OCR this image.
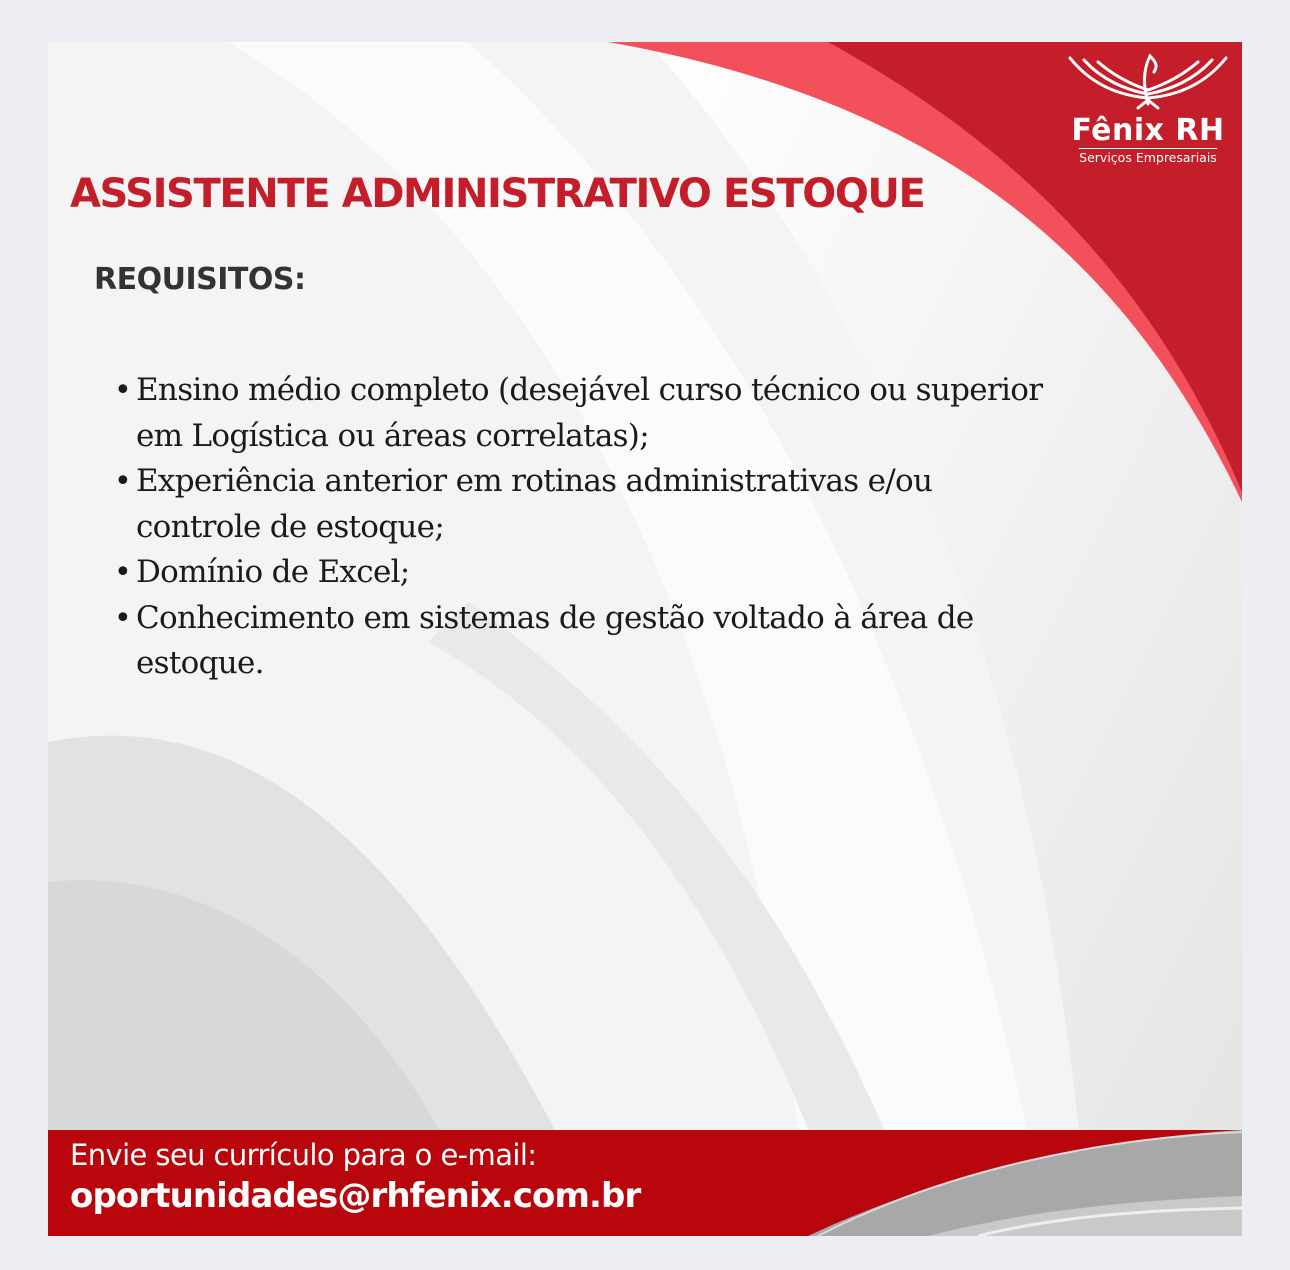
Fênix RH
Serviços Empresariais
ASSISTENTE ADMINISTRATIVO ESTOQUE
REQUISITOS:
• Ensino médio completo (desejável curso técnico ou superior
em Logística ou áreas correlatas);
• Experiência anterior em rotinas administrativas e/ou
controle de estoque;
• Domínio de Excel;
• Conhecimento em sistemas de gestão voltado à área de
estoque.
Envie seu currículo para o e-mail:
oportunidades@rhfenix.com.br
